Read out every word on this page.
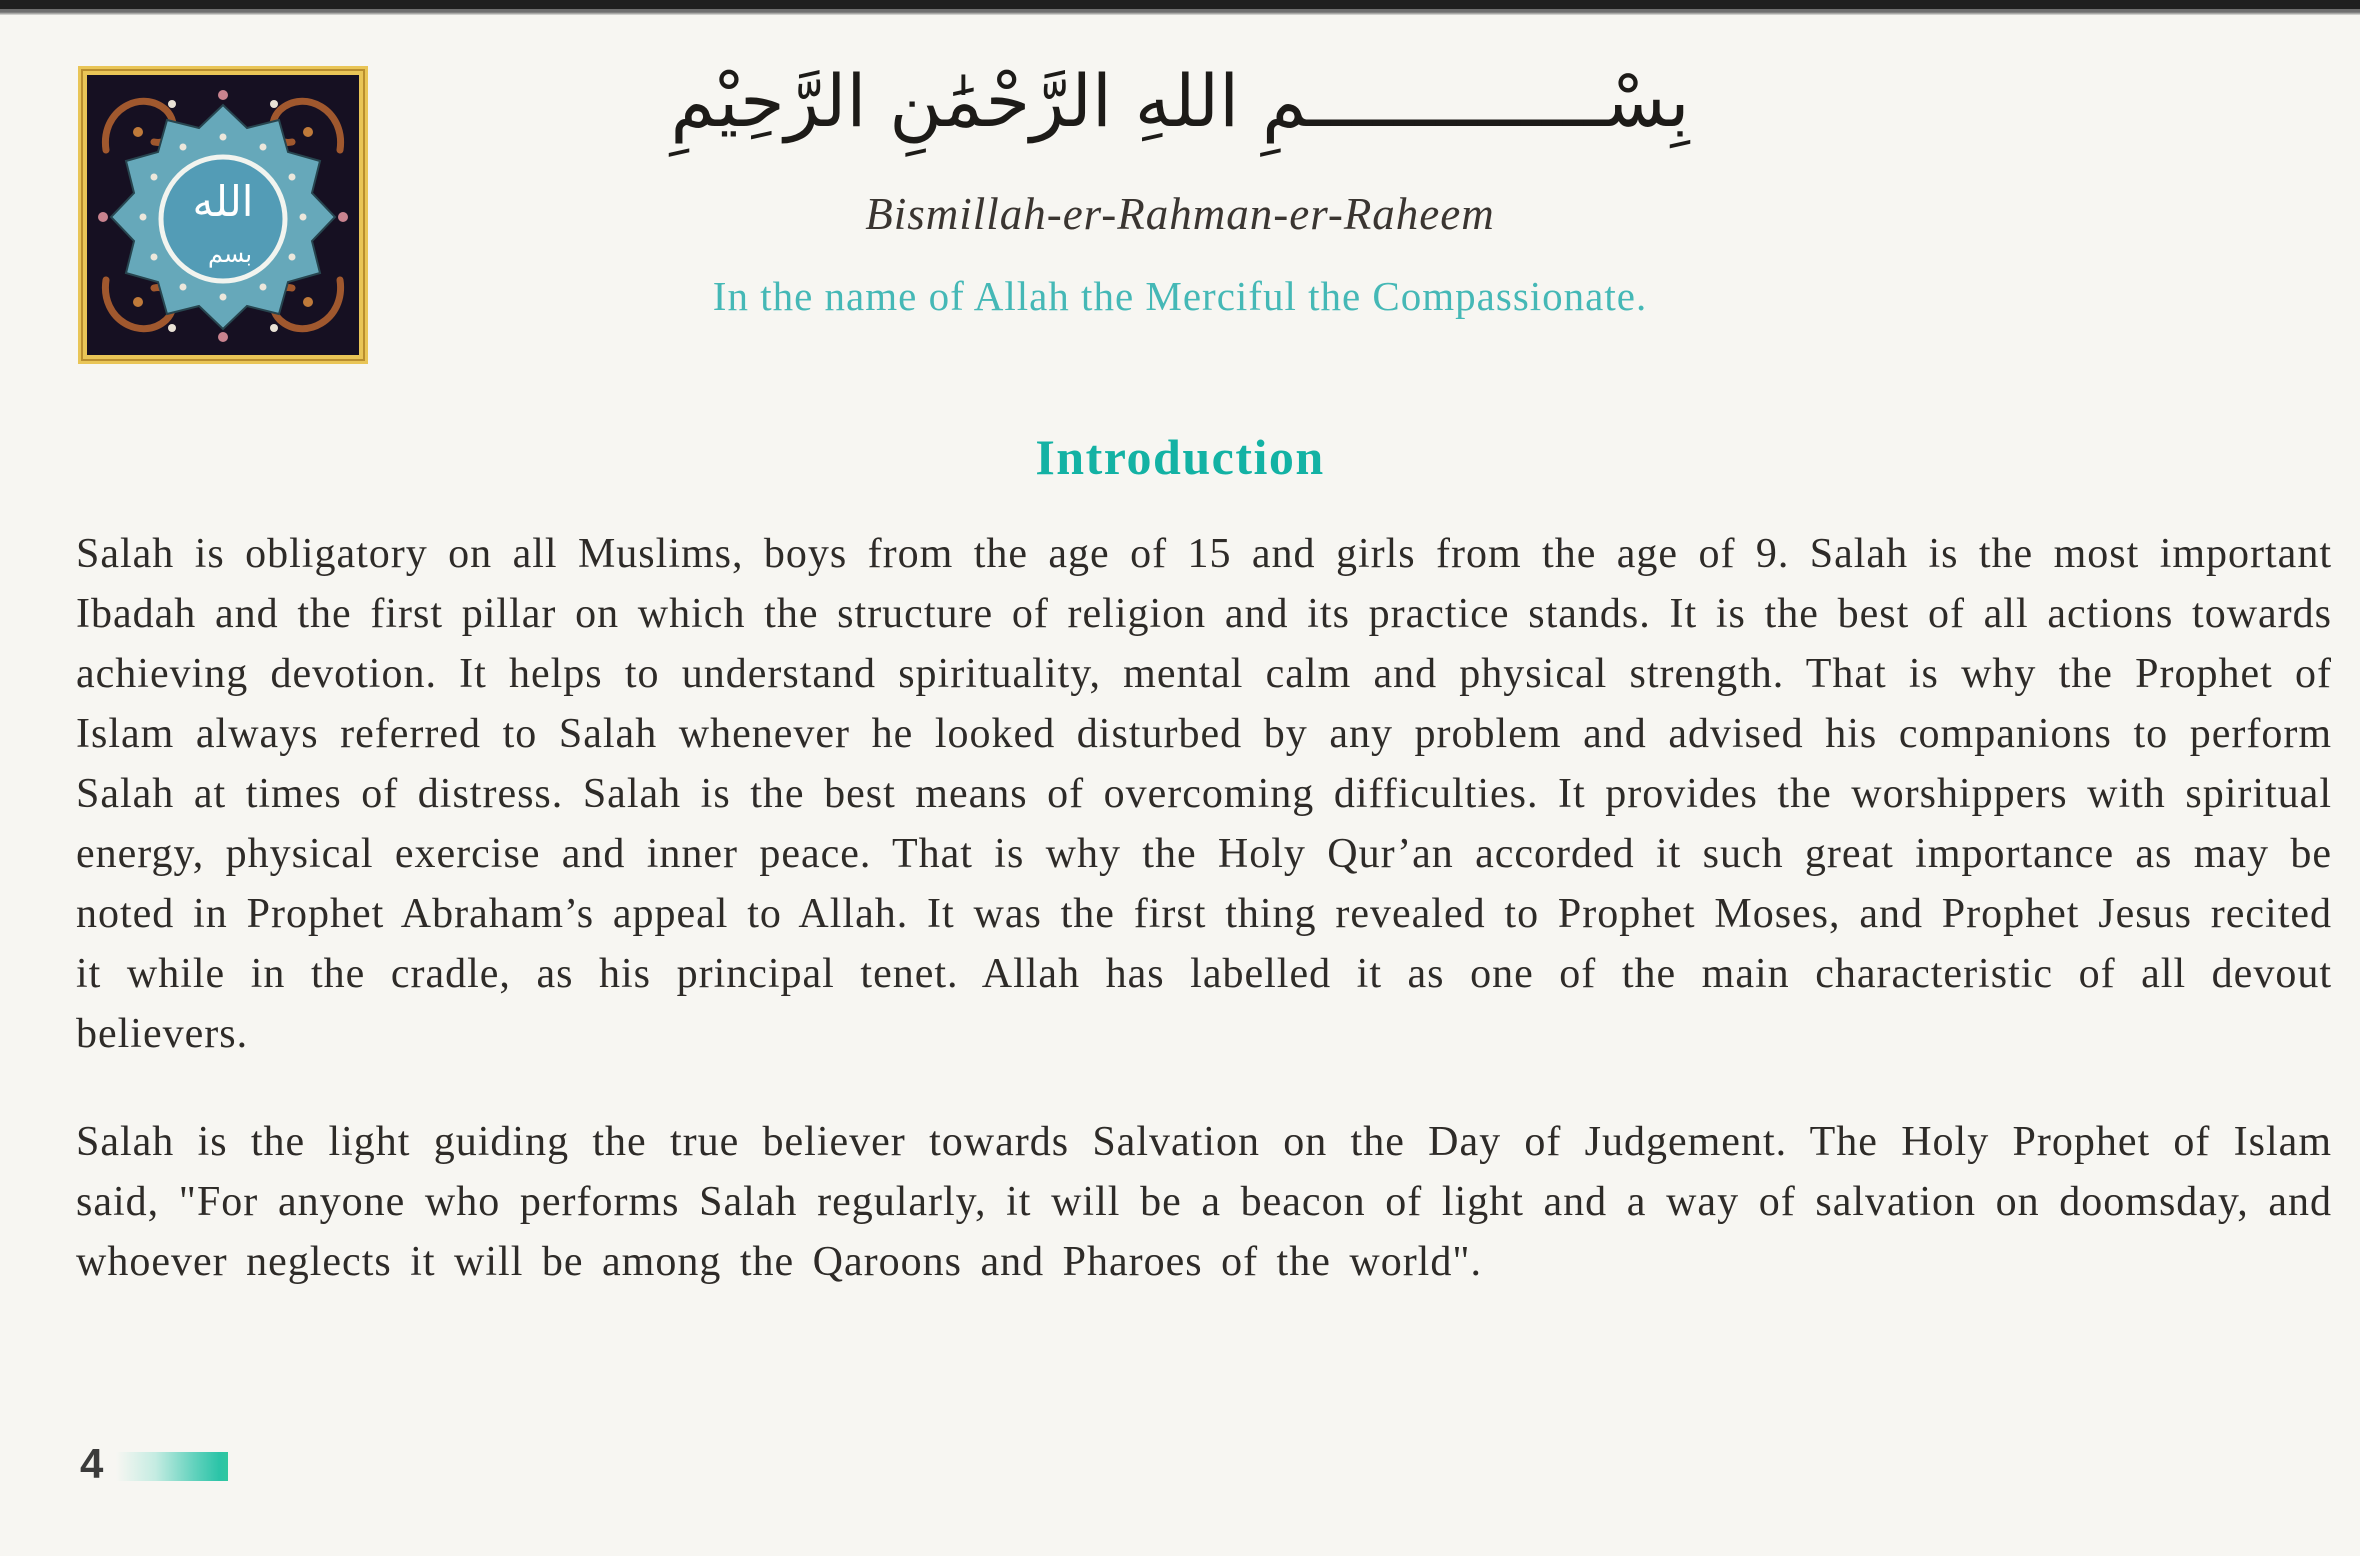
الله
بسم
بِسْــــــــــــــمِ اللهِ الرَّحْمَٰنِ الرَّحِيْمِ
Bismillah-er-Rahman-er-Raheem
In the name of Allah the Merciful the Compassionate.
Introduction

Salah is obligatory on all Muslims, boys from the age of 15 and girls from the age of 9. Salah is the most important Ibadah and the first pillar on which the structure of religion and its practice stands. It is the best of all actions towards achieving devotion. It helps to understand spirituality, mental calm and physical strength. That is why the Prophet of Islam always referred to Salah whenever he looked disturbed by any problem and advised his companions to perform Salah at times of distress. Salah is the best means of overcoming difficulties. It provides the worshippers with spiritual energy, physical exercise and inner peace. That is why the Holy Qur’an accorded it such great importance as may be noted in Prophet Abraham’s appeal to Allah. It was the first thing revealed to Prophet Moses, and Prophet Jesus recited it while in the cradle, as his principal tenet. Allah has labelled it as one of the main characteristic of all devout believers.

Salah is the light guiding the true believer towards Salvation on the Day of Judgement. The Holy Prophet of Islam said, "For anyone who performs Salah regularly, it will be a beacon of light and a way of salvation on doomsday, and whoever neglects it will be among the Qaroons and Pharoes of the world".

4
